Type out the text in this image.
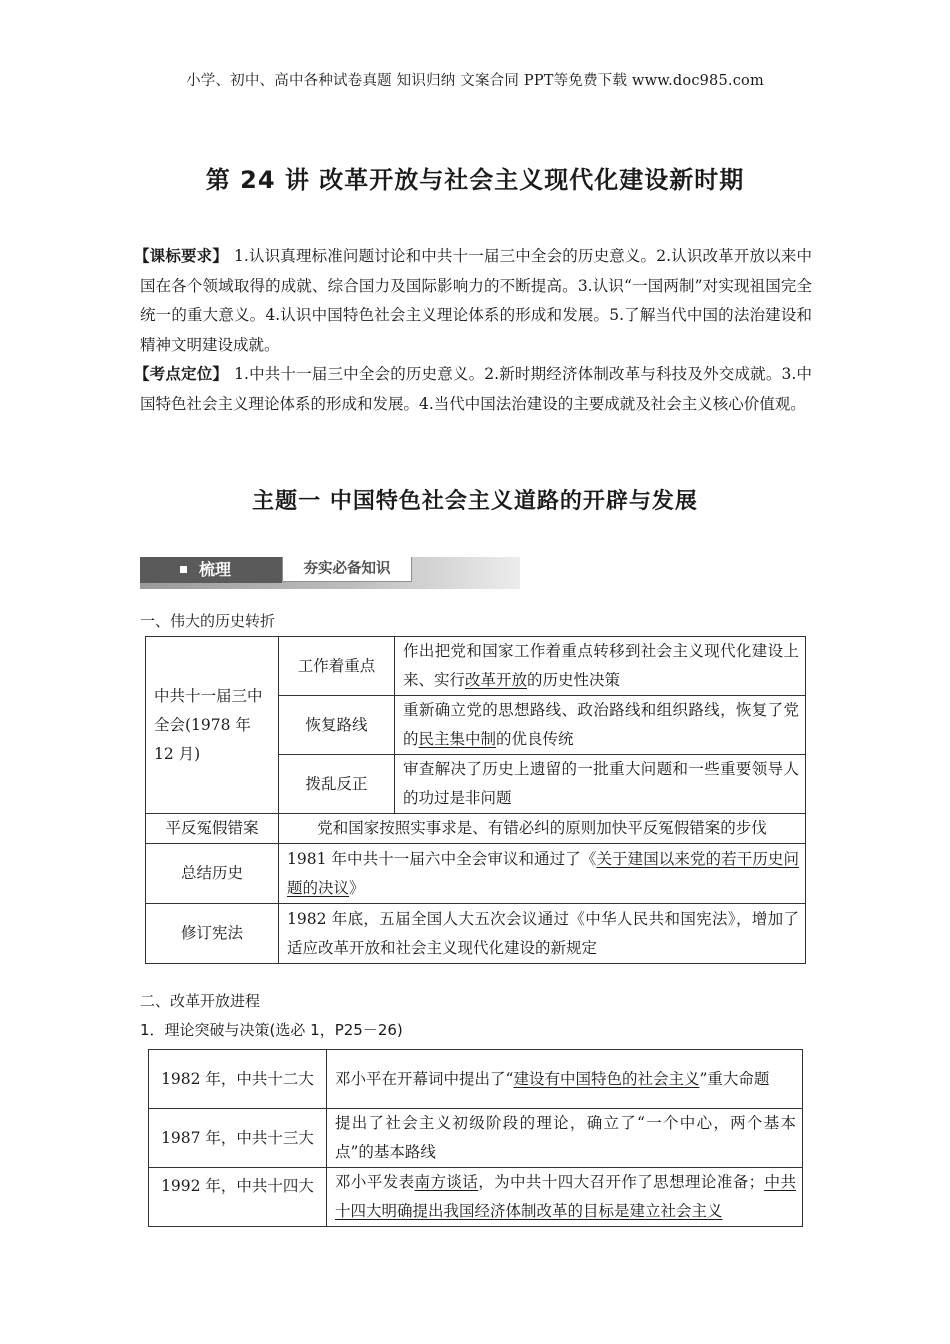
小学、初中、高中各种试卷真题 知识归纳 文案合同 PPT等免费下载 www.doc985.com
第 24 讲 改革开放与社会主义现代化建设新时期
【课标要求】 1.认识真理标准问题讨论和中共十一届三中全会的历史意义。2.认识改革开放以来中国在各个领域取得的成就、综合国力及国际影响力的不断提高。3.认识“一国两制”对实现祖国完全统一的重大意义。4.认识中国特色社会主义理论体系的形成和发展。5.了解当代中国的法治建设和精神文明建设成就。
【考点定位】 1.中共十一届三中全会的历史意义。2.新时期经济体制改革与科技及外交成就。3.中国特色社会主义理论体系的形成和发展。4.当代中国法治建设的主要成就及社会主义核心价值观。
主题一 中国特色社会主义道路的开辟与发展
梳理	夯实必备知识
一、伟大的历史转折
中共十一届三中全会(1978 年 12 月)	工作着重点	作出把党和国家工作着重点转移到社会主义现代化建设上来、实行改革开放的历史性决策
	恢复路线	重新确立党的思想路线、政治路线和组织路线，恢复了党的民主集中制的优良传统
	拨乱反正	审查解决了历史上遗留的一批重大问题和一些重要领导人的功过是非问题
平反冤假错案	党和国家按照实事求是、有错必纠的原则加快平反冤假错案的步伐	
总结历史	1981 年中共十一届六中全会审议和通过了《关于建国以来党的若干历史问题的决议》	
修订宪法	1982 年底，五届全国人大五次会议通过《中华人民共和国宪法》，增加了适应改革开放和社会主义现代化建设的新规定	
二、改革开放进程
1．理论突破与决策(选必 1，P25－26)
1982 年，中共十二大	邓小平在开幕词中提出了“建设有中国特色的社会主义”重大命题
1987 年，中共十三大	提出了社会主义初级阶段的理论，确立了“一个中心，两个基本点”的基本路线
1992 年，中共十四大	邓小平发表南方谈话，为中共十四大召开作了思想理论准备；中共十四大明确提出我国经济体制改革的目标是建立社会主义
